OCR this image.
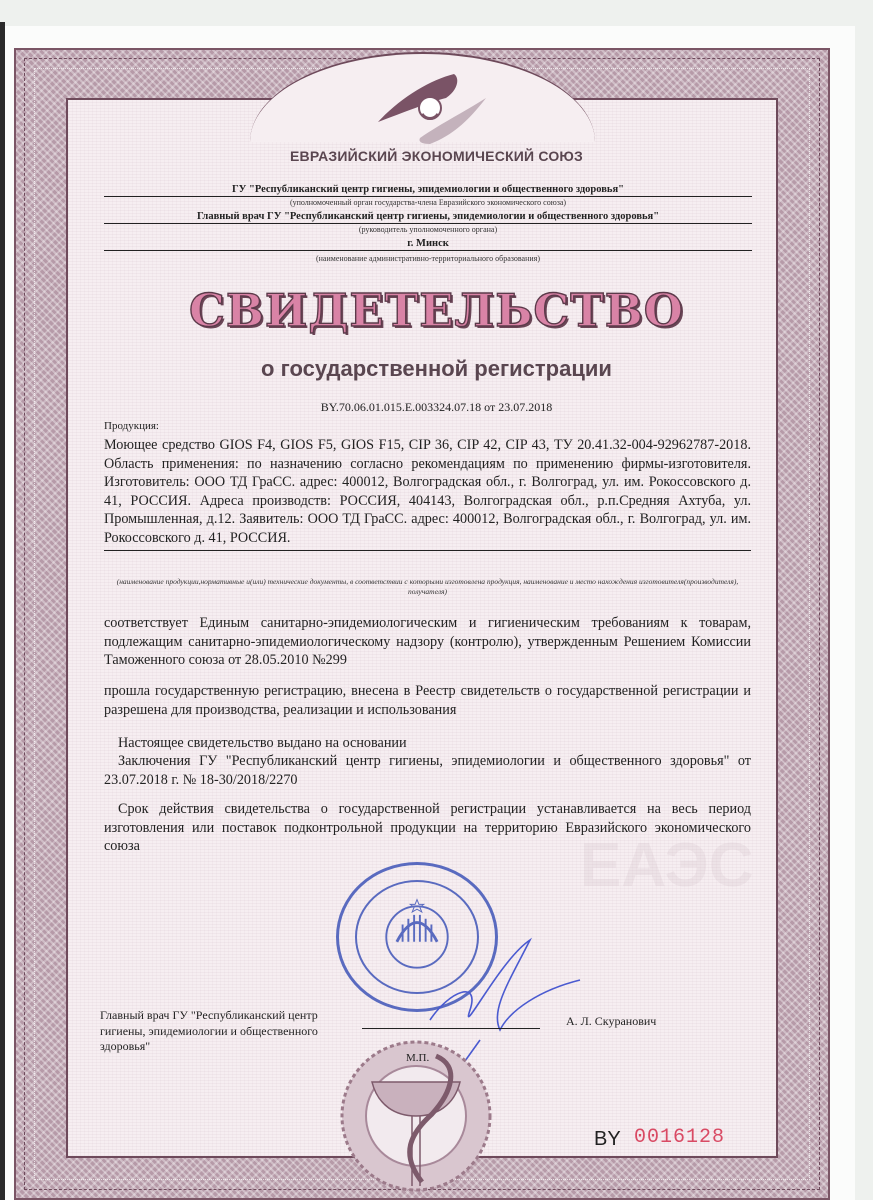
ЕВРАЗИЙСКИЙ ЭКОНОМИЧЕСКИЙ СОЮЗ
ГУ "Республиканский центр гигиены, эпидемиологии и общественного здоровья"
(уполномоченный орган государства-члена Евразийского экономического союза)
Главный врач ГУ "Республиканский центр гигиены, эпидемиологии и общественного здоровья"
(руководитель уполномоченного органа)
г. Минск
(наименование административно-территориального образования)
СВИДЕТЕЛЬСТВО
о государственной регистрации
BY.70.06.01.015.Е.003324.07.18 от 23.07.2018
Продукция:
Моющее средство GIOS F4, GIOS F5, GIOS F15, CIP 36, CIP 42, CIP 43, ТУ 20.41.32-004-92962787-2018. Область применения: по назначению согласно рекомендациям по применению фирмы-изготовителя. Изготовитель: ООО ТД ГраСС. адрес: 400012, Волгоградская обл., г. Волгоград, ул. им. Рокоссовского д. 41, РОССИЯ. Адреса производств: РОССИЯ, 404143, Волгоградская обл., р.п.Средняя Ахтуба, ул. Промышленная, д.12. Заявитель: ООО ТД ГраСС. адрес: 400012, Волгоградская обл., г. Волгоград, ул. им. Рокоссовского д. 41, РОССИЯ.
(наименование продукции,нормативные и(или) технические документы, в соответствии с которыми изготовлена продукция, наименование и место нахождения изготовителя(производителя), получателя)
соответствует Единым санитарно-эпидемиологическим и гигиеническим требованиям к товарам, подлежащим санитарно-эпидемиологическому надзору (контролю), утвержденным Решением Комиссии Таможенного союза от 28.05.2010 №299
прошла государственную регистрацию, внесена в Реестр свидетельств о государственной регистрации и разрешена для производства, реализации и использования
Настоящее свидетельство выдано на основании
Заключения ГУ "Республиканский центр гигиены, эпидемиологии и общественного здоровья" от 23.07.2018 г. № 18-30/2018/2270
Срок действия свидетельства о государственной регистрации устанавливается на весь период изготовления или поставок подконтрольной продукции на территорию Евразийского экономического союза	ЕАЭС
Главный врач ГУ "Республиканский центр гигиены, эпидемиологии и общественного здоровья"
А. Л. Скуранович
М.П.
BY 0016128
